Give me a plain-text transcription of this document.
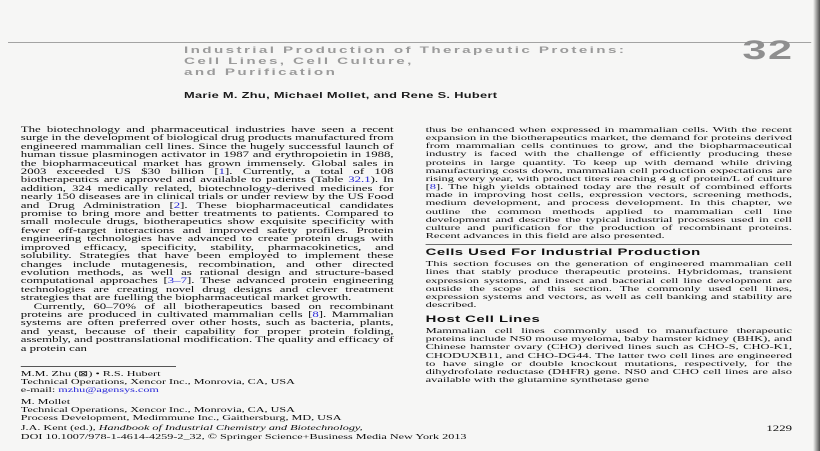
Industrial Production of Therapeutic Proteins:
Cell Lines, Cell Culture,
and Purification
32
Marie M. Zhu, Michael Mollet, and Rene S. Hubert

The biotechnology and pharmaceutical industries have seen a recent surge in the development of biological drug products manufactured from engineered mammalian cell lines. Since the hugely successful launch of human tissue plasminogen activator in 1987 and erythropoietin in 1988, the biopharmaceutical market has grown immensely. Global sales in 2003 exceeded US $30 billion [1]. Currently, a total of 108 biotherapeutics are approved and available to patients (Table 32.1). In addition, 324 medically related, biotechnology-derived medicines for nearly 150 diseases are in clinical trials or under review by the US Food and Drug Administration [2]. These biopharmaceutical candidates promise to bring more and better treatments to patients. Compared to small molecule drugs, biotherapeutics show exquisite specificity with fewer off-target interactions and improved safety profiles. Protein engineering technologies have advanced to create protein drugs with improved efficacy, specificity, stability, pharmacokinetics, and solubility. Strategies that have been employed to implement these changes include mutagenesis, recombination, and other directed evolution methods, as well as rational design and structure-based computational approaches [3–7]. These advanced protein engineering technologies are creating novel drug designs and clever treatment strategies that are fuelling the biopharmaceutical market growth.

Currently, 60–70% of all biotherapeutics based on recombinant proteins are produced in cultivated mammalian cells [8]. Mammalian systems are often preferred over other hosts, such as bacteria, plants, and yeast, because of their capability for proper protein folding, assembly, and posttranslational modification. The quality and efficacy of a protein can

thus be enhanced when expressed in mammalian cells. With the recent expansion in the biotherapeutics market, the demand for proteins derived from mammalian cells continues to grow, and the biopharmaceutical industry is faced with the challenge of efficiently producing these proteins in large quantity. To keep up with demand while driving manufacturing costs down, mammalian cell production expectations are rising every year, with product titers reaching 4 g of protein/L of culture [8]. The high yields obtained today are the result of combined efforts made in improving host cells, expression vectors, screening methods, medium development, and process development. In this chapter, we outline the common methods applied to mammalian cell line development and describe the typical industrial processes used in cell culture and purification for the production of recombinant proteins. Recent advances in this field are also presented.

Cells Used For Industrial Production

This section focuses on the generation of engineered mammalian cell lines that stably produce therapeutic proteins. Hybridomas, transient expression systems, and insect and bacterial cell line development are outside the scope of this section. The commonly used cell lines, expression systems and vectors, as well as cell banking and stability are described.

Host Cell Lines

Mammalian cell lines commonly used to manufacture therapeutic proteins include NS0 mouse myeloma, baby hamster kidney (BHK), and Chinese hamster ovary (CHO) derived lines such as CHO-S, CHO-K1, CHODUXB11, and CHO-DG44. The latter two cell lines are engineered to have single or double knockout mutations, respectively, for the dihydrofolate reductase (DHFR) gene. NS0 and CHO cell lines are also available with the glutamine synthetase gene

M.M. Zhu (⊠) • R.S. Hubert
Technical Operations, Xencor Inc., Monrovia, CA, USA
e-mail: mzhu@agensys.com
M. Mollet
Technical Operations, Xencor Inc., Monrovia, CA, USA
Process Development, Medimmune Inc., Gaithersburg, MD, USA
J.A. Kent (ed.), Handbook of Industrial Chemistry and Biotechnology,
DOI 10.1007/978-1-4614-4259-2_32, © Springer Science+Business Media New York 2013
1229
